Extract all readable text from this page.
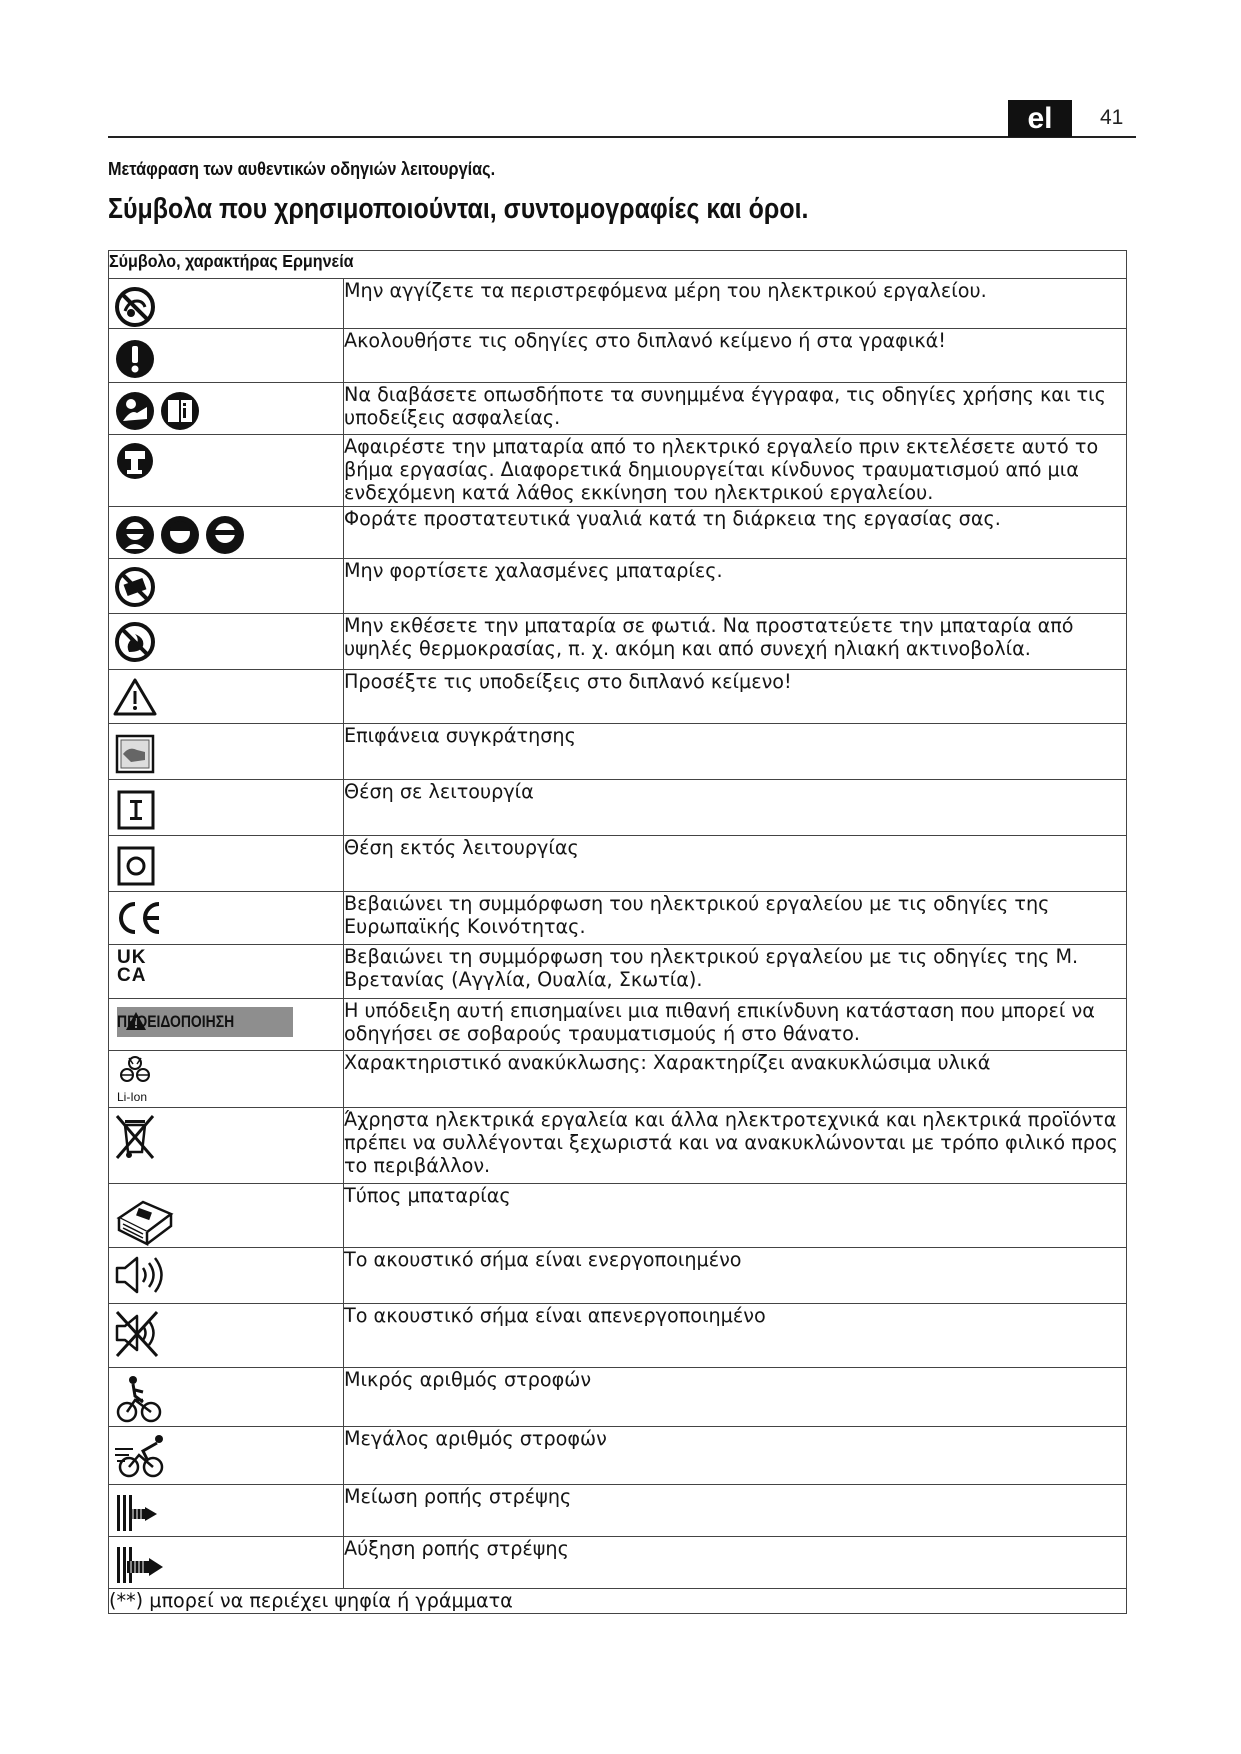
el	41
Μετάφραση των αυθεντικών οδηγιών λειτουργίας.
Σύμβολα που χρησιμοποιούνται, συντομογραφίες και όροι.
Σύμβολο, χαρακτήρας Ερμηνεία	

	Μην αγγίζετε τα περιστρεφόμενα μέρη του ηλεκτρικού εργαλείου.

	Ακολουθήστε τις οδηγίες στο διπλανό κείμενο ή στα γραφικά!

	Να διαβάσετε οπωσδήποτε τα συνημμένα έγγραφα, τις οδηγίες χρήσης και τις υποδείξεις ασφαλείας.

	Αφαιρέστε την μπαταρία από το ηλεκτρικό εργαλείο πριν εκτελέσετε αυτό το βήμα εργασίας. Διαφορετικά δημιουργείται κίνδυνος τραυματισμού από μια ενδεχόμενη κατά λάθος εκκίνηση του ηλεκτρικού εργαλείου.

	Φοράτε προστατευτικά γυαλιά κατά τη διάρκεια της εργασίας σας.

	Μην φορτίσετε χαλασμένες μπαταρίες.

	Μην εκθέσετε την μπαταρία σε φωτιά. Να προστατεύετε την μπαταρία από υψηλές θερμοκρασίας, π. χ. ακόμη και από συνεχή ηλιακή ακτινοβολία.

	Προσέξτε τις υποδείξεις στο διπλανό κείμενο!

	Επιφάνεια συγκράτησης

	Θέση σε λειτουργία

	Θέση εκτός λειτουργίας

	Βεβαιώνει τη συμμόρφωση του ηλεκτρικού εργαλείου με τις οδηγίες της Ευρωπαϊκής Κοινότητας.

UK
CA	Βεβαιώνει τη συμμόρφωση του ηλεκτρικού εργαλείου με τις οδηγίες της Μ. Βρετανίας (Αγγλία, Ουαλία, Σκωτία).

ΠΡΟΕΙΔΟΠΟΙΗΣΗ	Η υπόδειξη αυτή επισημαίνει μια πιθανή επικίνδυνη κατάσταση που μπορεί να οδηγήσει σε σοβαρούς τραυματισμούς ή στο θάνατο.

Li-Ion	Χαρακτηριστικό ανακύκλωσης: Χαρακτηρίζει ανακυκλώσιμα υλικά

	Άχρηστα ηλεκτρικά εργαλεία και άλλα ηλεκτροτεχνικά και ηλεκτρικά προϊόντα πρέπει να συλλέγονται ξεχωριστά και να ανακυκλώνονται με τρόπο φιλικό προς το περιβάλλον.

	Τύπος μπαταρίας

	Το ακουστικό σήμα είναι ενεργοποιημένο

	Το ακουστικό σήμα είναι απενεργοποιημένο

	Μικρός αριθμός στροφών

	Μεγάλος αριθμός στροφών

	Μείωση ροπής στρέψης

	Αύξηση ροπής στρέψης
(**) μπορεί να περιέχει ψηφία ή γράμματα	
